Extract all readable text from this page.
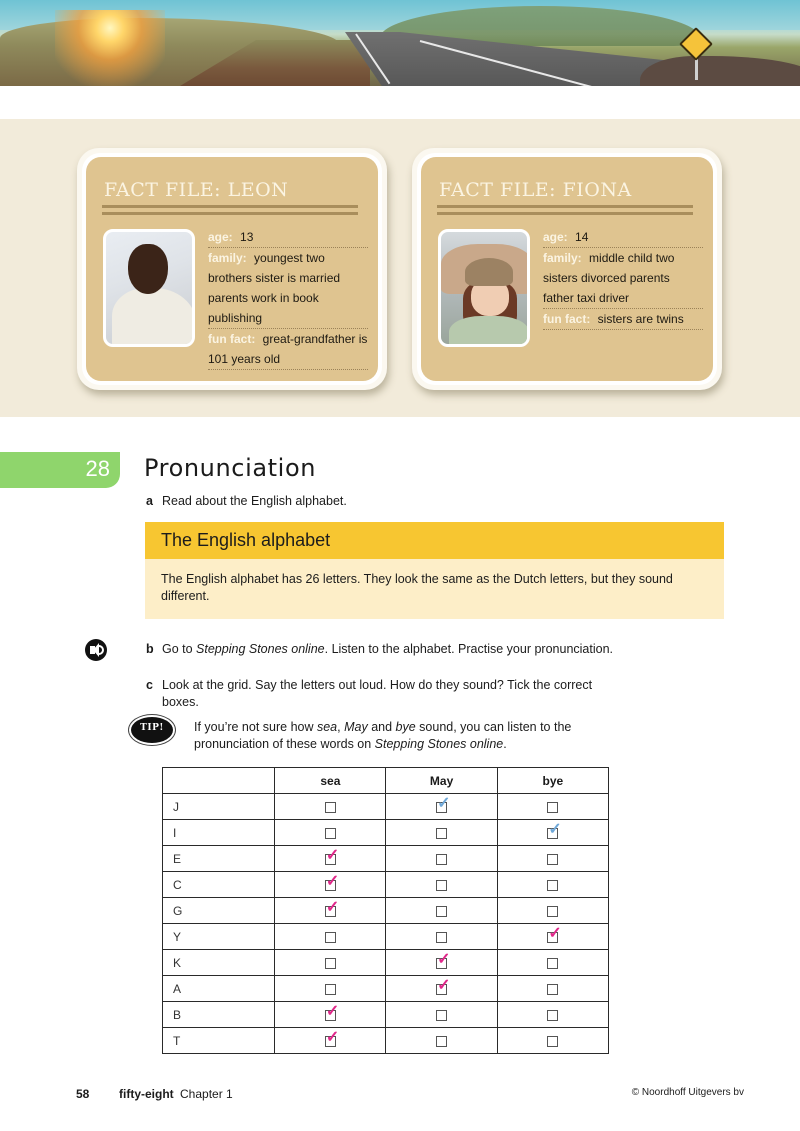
FACT FILE: LEON
age: 13
family: youngest two brothers sister is married parents work in book publishing
fun fact: great-grandfather is 101 years old
FACT FILE: FIONA
age: 14
family: middle child two sisters divorced parents father taxi driver
fun fact: sisters are twins
28 Pronunciation
a Read about the English alphabet.
The English alphabet
The English alphabet has 26 letters. They look the same as the Dutch letters, but they sound different.
b Go to Stepping Stones online. Listen to the alphabet. Practise your pronunciation.
c Look at the grid. Say the letters out loud. How do they sound? Tick the correct boxes.
TIP!	If you’re not sure how sea, May and bye sound, you can listen to the pronunciation of these words on Stepping Stones online.
	sea	May	bye
J		✓	

I			✓

E	✓		

C	✓		

G	✓		

Y			✓

K		✓	

A		✓	

B	✓		

T	✓		

58 fifty-eight Chapter 1	© Noordhoff Uitgevers bv
